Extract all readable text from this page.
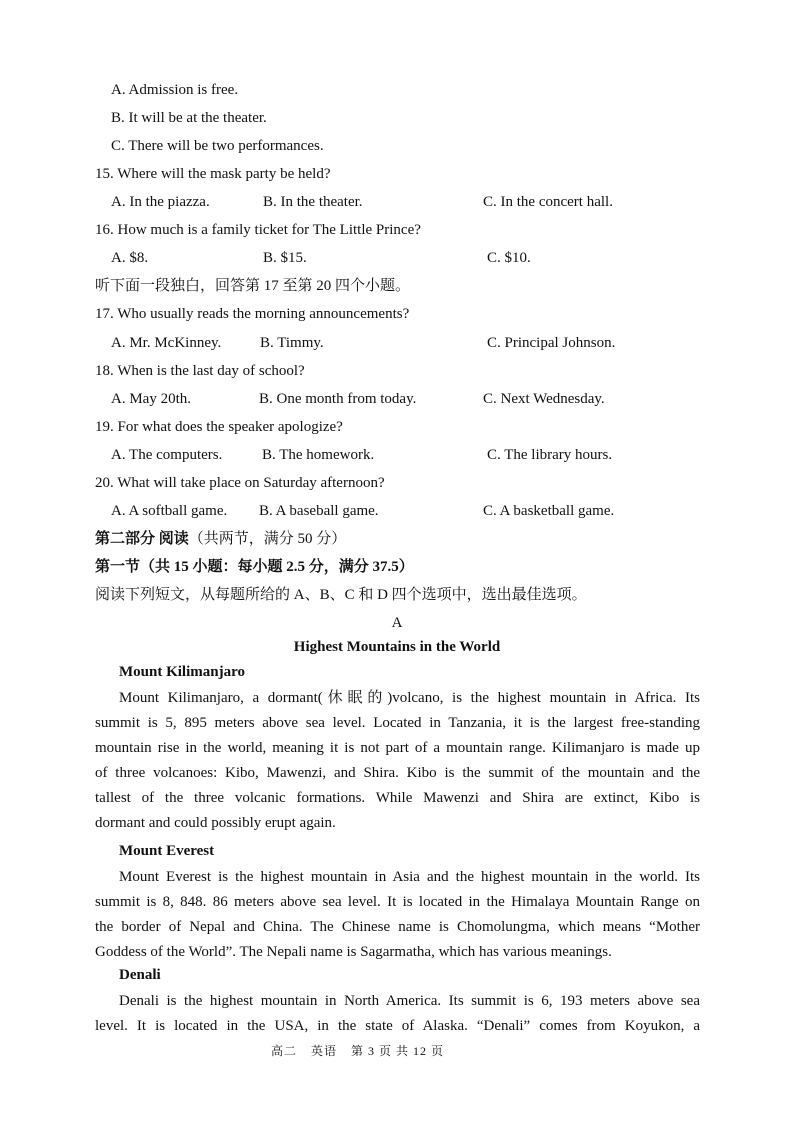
A. Admission is free.
B. It will be at the theater.
C. There will be two performances.
15. Where will the mask party be held?
A. In the piazza.	B. In the theater.	C. In the concert hall.
16. How much is a family ticket for The Little Prince?
A. $8.	B. $15.	C. $10.
听下面一段独白，回答第 17 至第 20 四个小题。
17. Who usually reads the morning announcements?
A. Mr. McKinney.	B. Timmy.	C. Principal Johnson.
18. When is the last day of school?
A. May 20th.	B. One month from today.	C. Next Wednesday.
19. For what does the speaker apologize?
A. The computers.	B. The homework.	C. The library hours.
20. What will take place on Saturday afternoon?
A. A softball game. B. A baseball game.	C. A basketball game.
第二部分 阅读（共两节，满分 50 分）
第一节（共 15 小题：每小题 2.5 分，满分 37.5）
阅读下列短文，从每题所给的 A、B、C 和 D 四个选项中，选出最佳选项。
A
Highest Mountains in the World
Mount Kilimanjaro
Mount Kilimanjaro, a dormant(休眠的)volcano, is the highest mountain in Africa. Its
summit is 5, 895 meters above sea level. Located in Tanzania, it is the largest free-standing
mountain rise in the world, meaning it is not part of a mountain range. Kilimanjaro is made up
of three volcanoes: Kibo, Mawenzi, and Shira. Kibo is the summit of the mountain and the
tallest of the three volcanic formations. While Mawenzi and Shira are extinct, Kibo is
dormant and could possibly erupt again.
Mount Everest
Mount Everest is the highest mountain in Asia and the highest mountain in the world. Its
summit is 8, 848. 86 meters above sea level. It is located in the Himalaya Mountain Range on
the border of Nepal and China. The Chinese name is Chomolungma, which means “Mother
Goddess of the World”. The Nepali name is Sagarmatha, which has various meanings.
Denali
Denali is the highest mountain in North America. Its summit is 6, 193 meters above sea
level. It is located in the USA, in the state of Alaska. “Denali” comes from Koyukon, a
高二 英语 第 3 页 共 12 页
